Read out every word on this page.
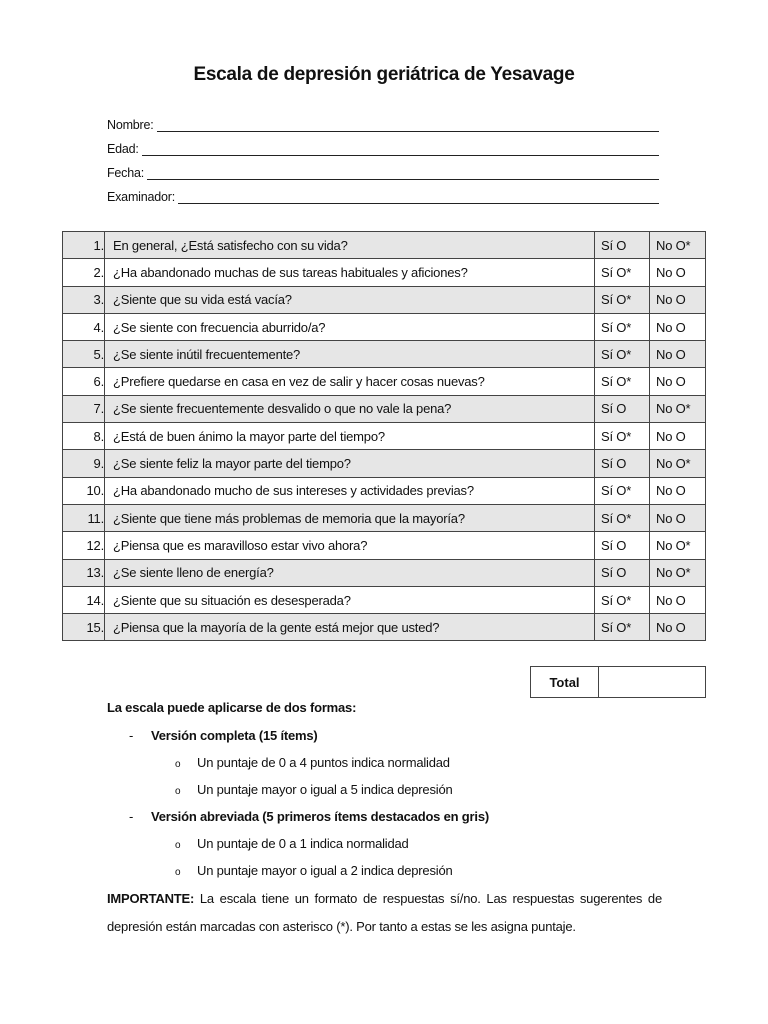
Escala de depresión geriátrica de Yesavage
Nombre:
Edad:
Fecha:
Examinador:
1.	En general, ¿Está satisfecho con su vida?	Sí O	No O*
2.	¿Ha abandonado muchas de sus tareas habituales y aficiones?	Sí O*	No O
3.	¿Siente que su vida está vacía?	Sí O*	No O
4.	¿Se siente con frecuencia aburrido/a?	Sí O*	No O
5.	¿Se siente inútil frecuentemente?	Sí O*	No O
6.	¿Prefiere quedarse en casa en vez de salir y hacer cosas nuevas?	Sí O*	No O
7.	¿Se siente frecuentemente desvalido o que no vale la pena?	Sí O	No O*
8.	¿Está de buen ánimo la mayor parte del tiempo?	Sí O*	No O
9.	¿Se siente feliz la mayor parte del tiempo?	Sí O	No O*
10.	¿Ha abandonado mucho de sus intereses y actividades previas?	Sí O*	No O
11.	¿Siente que tiene más problemas de memoria que la mayoría?	Sí O*	No O
12.	¿Piensa que es maravilloso estar vivo ahora?	Sí O	No O*
13.	¿Se siente lleno de energía?	Sí O	No O*
14.	¿Siente que su situación es desesperada?	Sí O*	No O
15.	¿Piensa que la mayoría de la gente está mejor que usted?	Sí O*	No O
Total	
La escala puede aplicarse de dos formas:
- Versión completa (15 ítems)
o Un puntaje de 0 a 4 puntos indica normalidad
o Un puntaje mayor o igual a 5 indica depresión
- Versión abreviada (5 primeros ítems destacados en gris)
o Un puntaje de 0 a 1 indica normalidad
o Un puntaje mayor o igual a 2 indica depresión
IMPORTANTE: La escala tiene un formato de respuestas sí/no. Las respuestas sugerentes de depresión están marcadas con asterisco (*). Por tanto a estas se les asigna puntaje.
